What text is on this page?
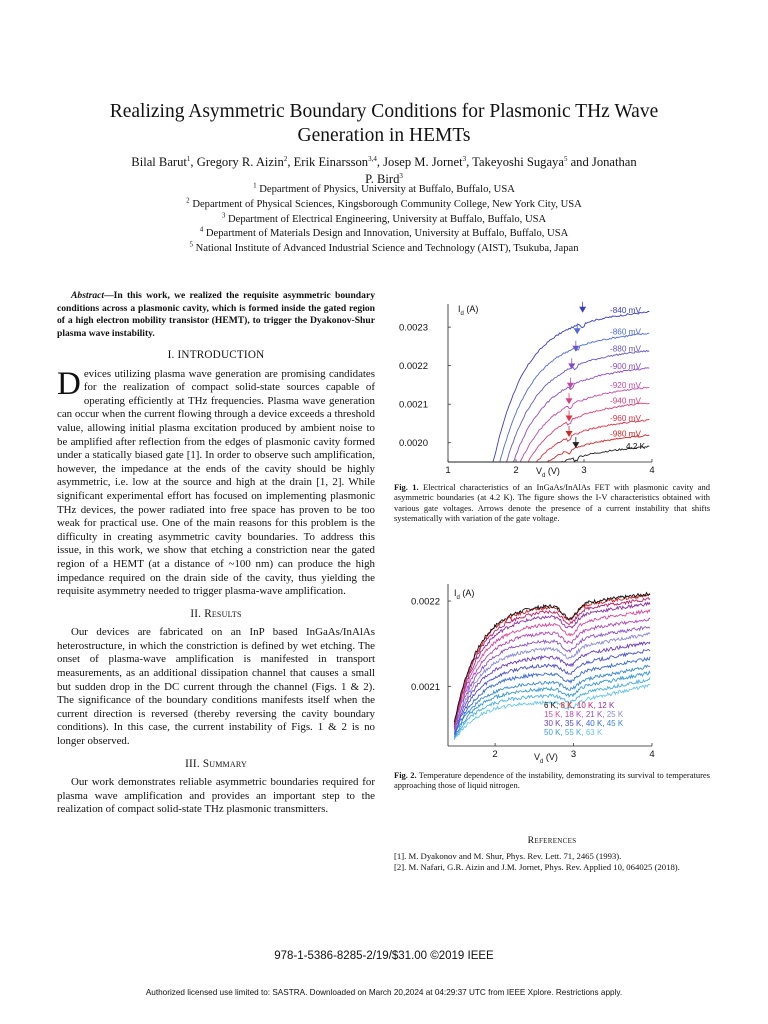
Realizing Asymmetric Boundary Conditions for Plasmonic THz Wave
Generation in HEMTs
Bilal Barut$^1$, Gregory R. Aizin$^2$, Erik Einarsson$^{3,4}$, Josep M. Jornet$^3$, Takeyoshi Sugaya$^5$ and Jonathan
P. Bird$^3$
$^1$ Department of Physics, University at Buffalo, Buffalo, USA
$^2$ Department of Physical Sciences, Kingsborough Community College, New York City, USA
$^3$ Department of Electrical Engineering, University at Buffalo, Buffalo, USA
$^4$ Department of Materials Design and Innovation, University at Buffalo, Buffalo, USA
$^5$ National Institute of Advanced Industrial Science and Technology (AIST), Tsukuba, Japan

Abstract—In this work, we realized the requisite asymmetric boundary conditions across a plasmonic cavity, which is formed inside the gated region of a high electron mobility transistor (HEMT), to trigger the Dyakonov-Shur plasma wave instability.

I. INTRODUCTION

Devices utilizing plasma wave generation are promising candidates for the realization of compact solid-state sources capable of operating efficiently at THz frequencies. Plasma wave generation can occur when the current flowing through a device exceeds a threshold value, allowing initial plasma excitation produced by ambient noise to be amplified after reflection from the edges of plasmonic cavity formed under a statically biased gate [1]. In order to observe such amplification, however, the impedance at the ends of the cavity should be highly asymmetric, i.e. low at the source and high at the drain [1, 2]. While significant experimental effort has focused on implementing plasmonic THz devices, the power radiated into free space has proven to be too weak for practical use. One of the main reasons for this problem is the difficulty in creating asymmetric cavity boundaries. To address this issue, in this work, we show that etching a constriction near the gated region of a HEMT (at a distance of ~100 nm) can produce the high impedance required on the drain side of the cavity, thus yielding the requisite asymmetry needed to trigger plasma-wave amplification.

II. Results

Our devices are fabricated on an InP based InGaAs/InAlAs heterostructure, in which the constriction is defined by wet etching. The onset of plasma-wave amplification is manifested in transport measurements, as an additional dissipation channel that causes a small but sudden drop in the DC current through the channel (Figs. 1 & 2). The significance of the boundary conditions manifests itself when the current direction is reversed (thereby reversing the cavity boundary conditions). In this case, the current instability of Figs. 1 & 2 is no longer observed.

III. Summary

Our work demonstrates reliable asymmetric boundaries required for plasma wave amplification and provides an important step to the realization of compact solid-state THz plasmonic transmitters.

1	2	3	4
0.0023
0.0022
0.0021
0.0020
$I_d$ (A)
$V_d$ (V)
-840 mV
-860 mV
-880 mV
-900 mV
-920 mV
-940 mV
-960 mV
-980 mV
4.2 K
Fig. 1. Electrical characteristics of an InGaAs/InAlAs FET with plasmonic cavity and asymmetric boundaries (at 4.2 K). The figure shows the I-V characteristics obtained with various gate voltages. Arrows denote the presence of a current instability that shifts systematically with variation of the gate voltage.
2	3	4
0.0022
0.0021
$I_d$ (A)
$V_d$ (V)
6 K, 8 K, 10 K, 12 K
15 K, 18 K, 21 K, 25 K
30 K, 35 K, 40 K, 45 K
50 K, 55 K, 63 K
Fig. 2. Temperature dependence of the instability, demonstrating its survival to temperatures approaching those of liquid nitrogen.
References
[1]. M. Dyakonov and M. Shur, Phys. Rev. Lett. 71, 2465 (1993).
[2]. M. Nafari, G.R. Aizin and J.M. Jornet, Phys. Rev. Applied 10, 064025 (2018).
978-1-5386-8285-2/19/$31.00 ©2019 IEEE
Authorized licensed use limited to: SASTRA. Downloaded on March 20,2024 at 04:29:37 UTC from IEEE Xplore. Restrictions apply.
